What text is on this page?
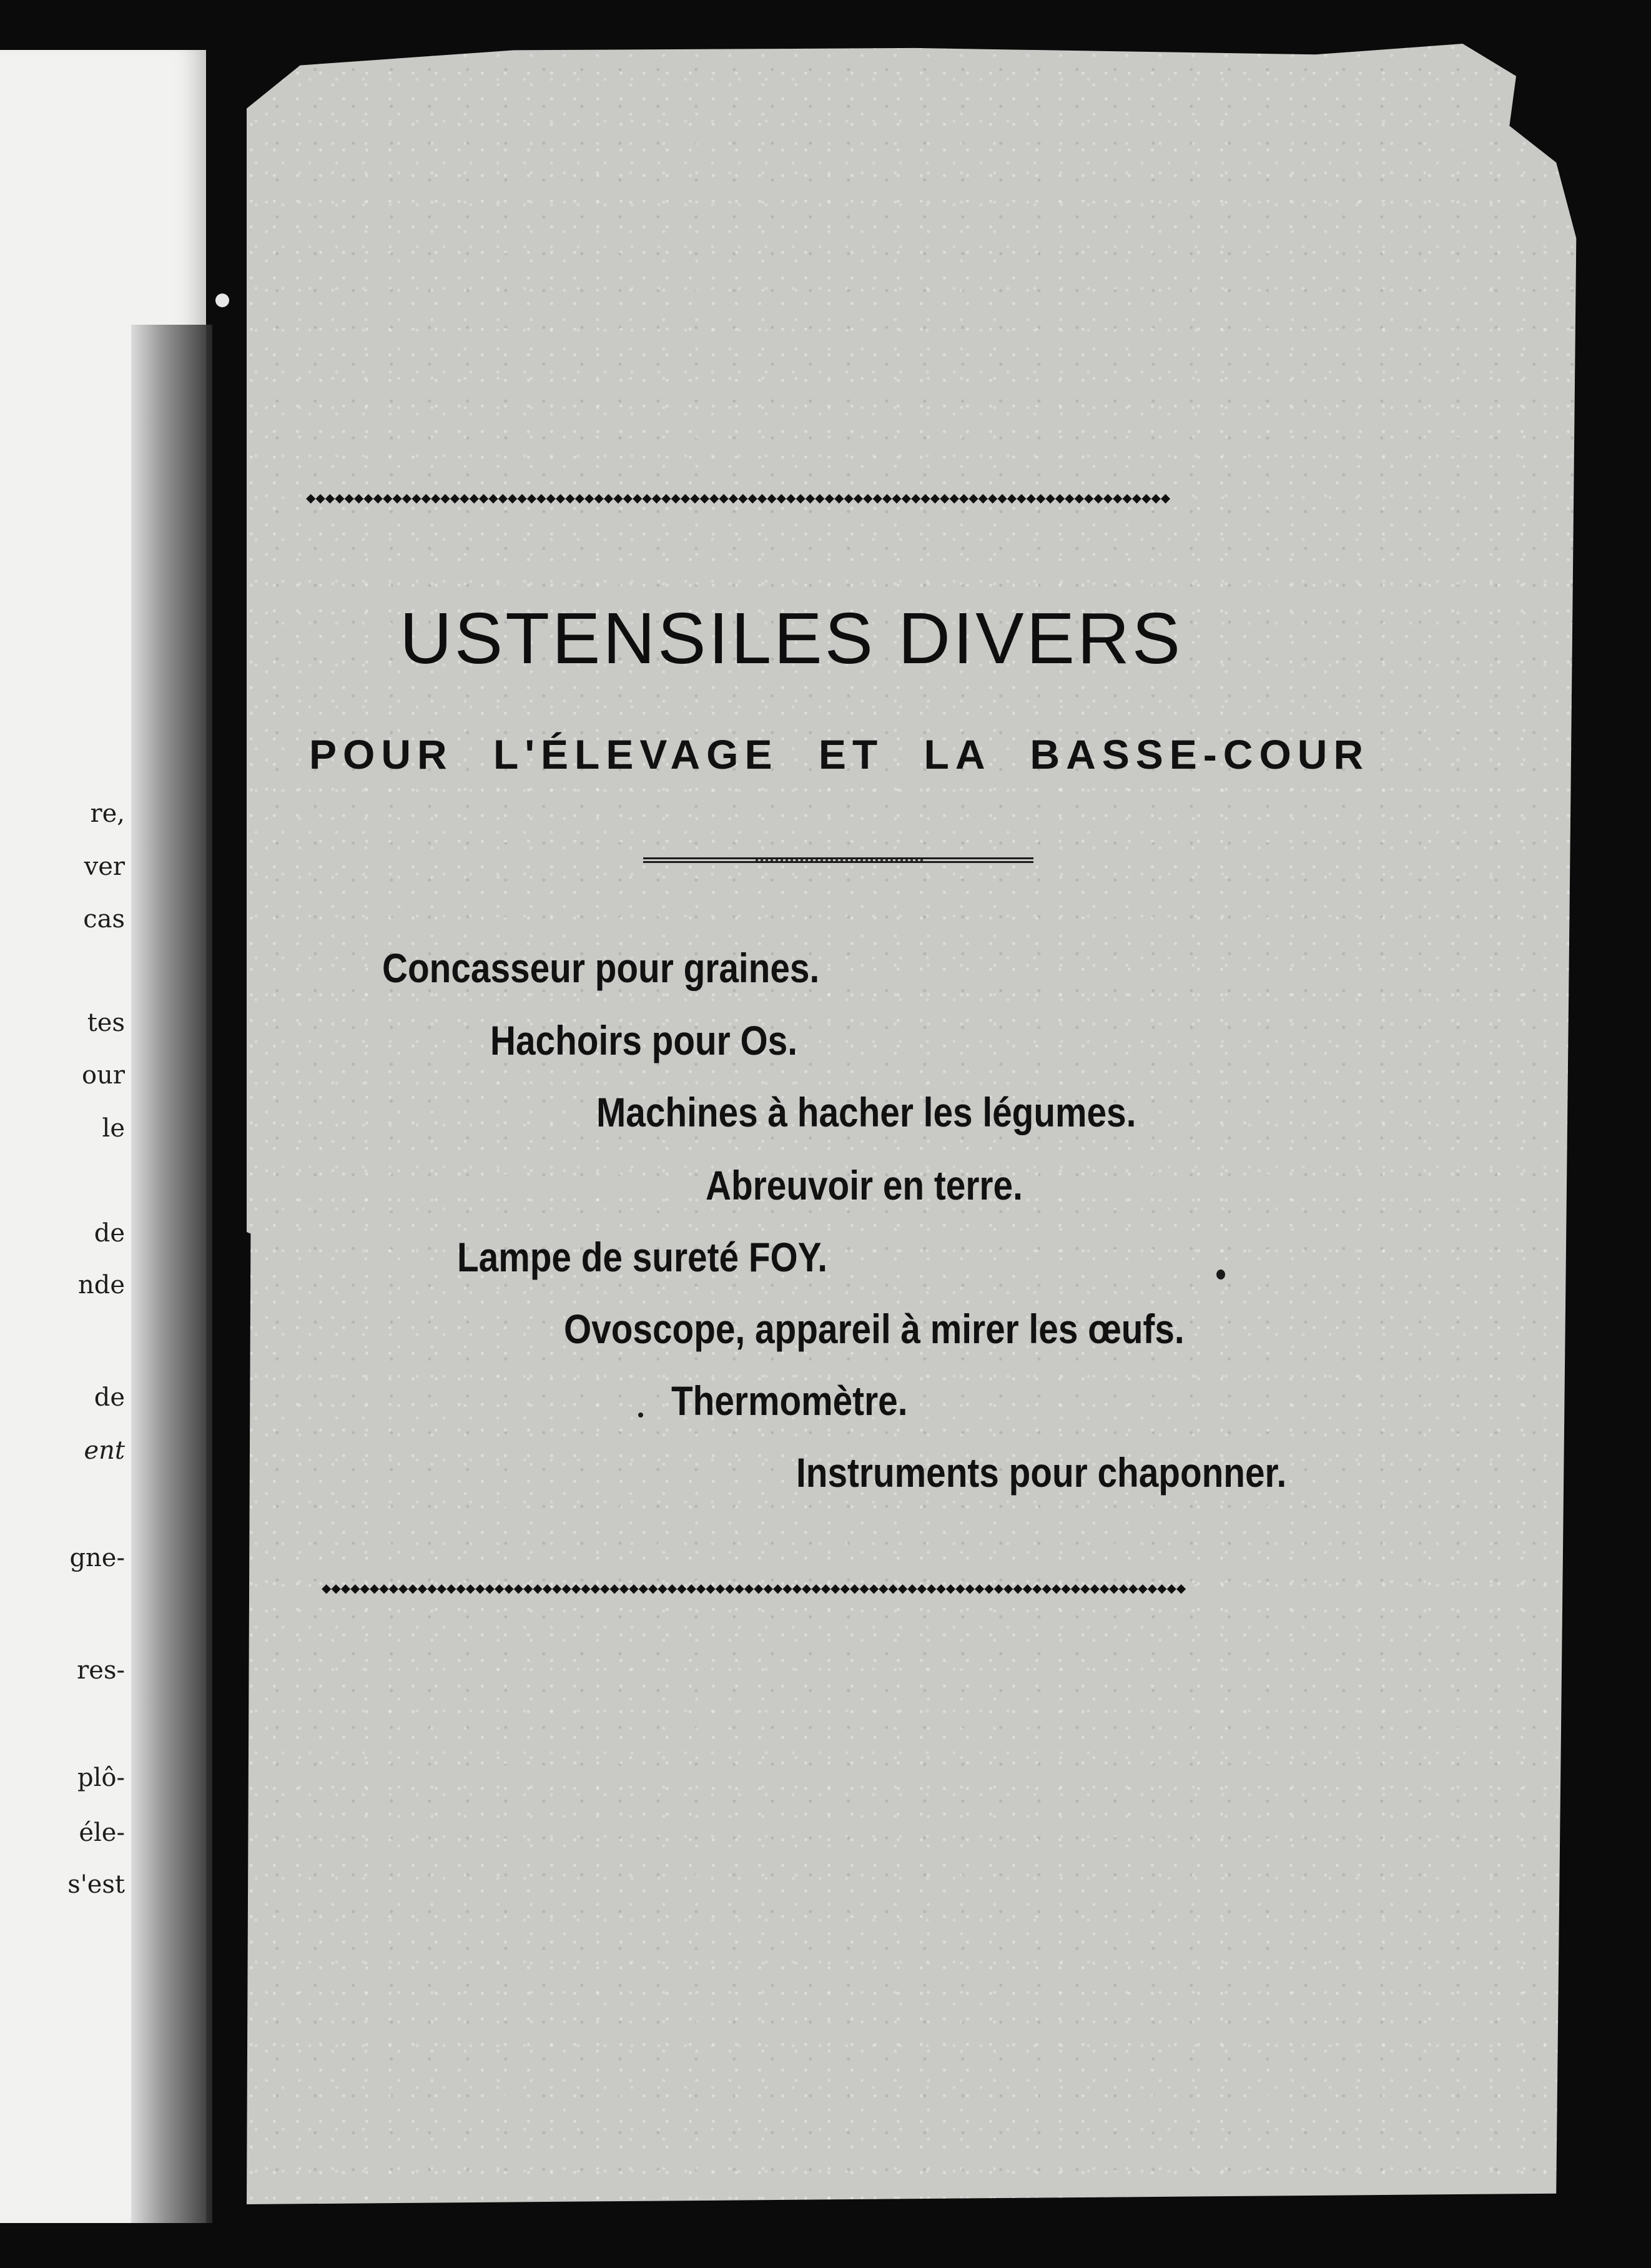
re,
ver
cas
tes
our
le
de
nde
de
ent
gne-
res-
plô-
éle-
s'est
◆◆◆◆◆◆◆◆◆◆◆◆◆◆◆◆◆◆◆◆◆◆◆◆◆◆◆◆◆◆◆◆◆◆◆◆◆◆◆◆◆◆◆◆◆◆◆◆◆◆◆◆◆◆◆◆◆◆◆◆◆◆◆◆◆◆◆◆◆◆◆◆◆◆◆◆◆◆◆◆◆◆◆◆◆◆◆◆◆◆
USTENSILES DIVERS
POUR L'ÉLEVAGE ET LA BASSE-COUR
Concasseur pour graines.
Hachoirs pour Os.
Machines à hacher les légumes.
Abreuvoir en terre.
Lampe de sureté FOY.
Ovoscope, appareil à mirer les œufs.
Thermomètre.
Instruments pour chaponner.
◆◆◆◆◆◆◆◆◆◆◆◆◆◆◆◆◆◆◆◆◆◆◆◆◆◆◆◆◆◆◆◆◆◆◆◆◆◆◆◆◆◆◆◆◆◆◆◆◆◆◆◆◆◆◆◆◆◆◆◆◆◆◆◆◆◆◆◆◆◆◆◆◆◆◆◆◆◆◆◆◆◆◆◆◆◆◆◆◆◆
